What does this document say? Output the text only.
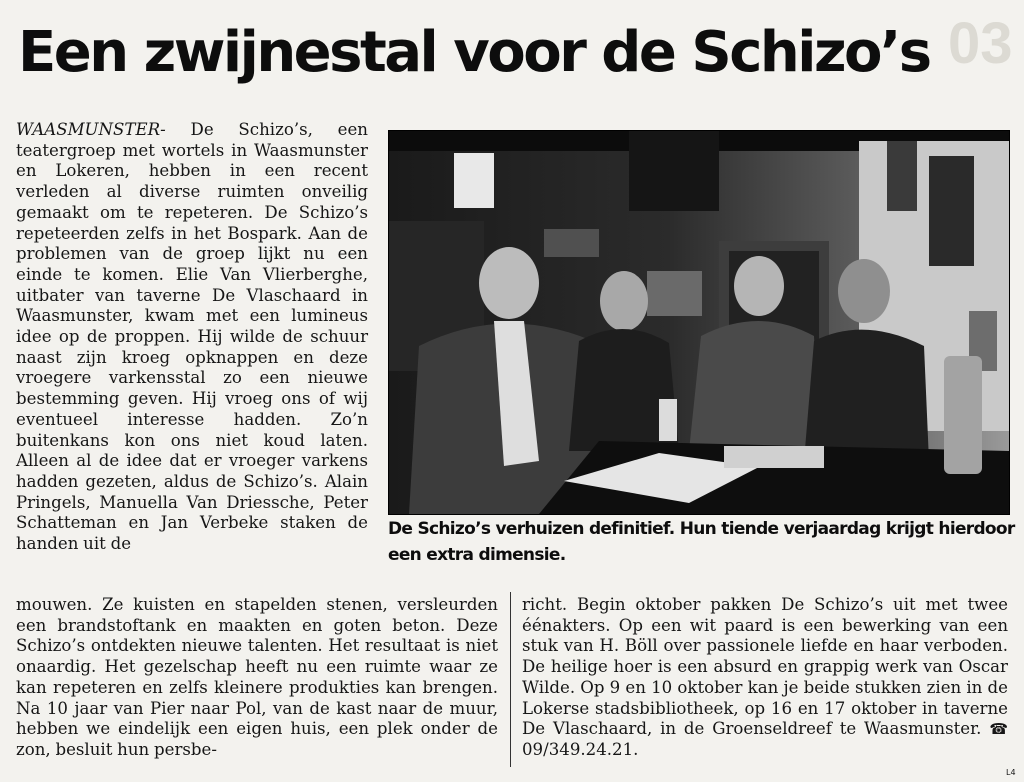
03
Een zwijnestal voor de Schizo’s

WAASMUNSTER- De Schizo’s, een teatergroep met wortels in Waasmunster en Lokeren, hebben in een recent verleden al diverse ruimten onveilig gemaakt om te repeteren. De Schizo’s repeteerden zelfs in het Bospark. Aan de problemen van de groep lijkt nu een einde te komen. Elie Van Vlierberghe, uitbater van taverne De Vlaschaard in Waasmunster, kwam met een lumineus idee op de proppen. Hij wilde de schuur naast zijn kroeg opknappen en deze vroegere varkensstal zo een nieuwe bestemming geven. Hij vroeg ons of wij eventueel interesse hadden. Zo’n buitenkans kon ons niet koud laten. Alleen al de idee dat er vroeger varkens hadden gezeten, aldus de Schizo’s. Alain Pringels, Manuella Van Driessche, Peter Schatteman en Jan Verbeke staken de handen uit de

De Schizo’s verhuizen definitief. Hun tiende verjaardag krijgt hierdoor een extra dimensie.

mouwen. Ze kuisten en stapelden stenen, versleurden een brandstoftank en maakten en goten beton. Deze Schizo’s ontdekten nieuwe talenten. Het resultaat is niet onaardig. Het gezelschap heeft nu een ruimte waar ze kan repeteren en zelfs kleinere produkties kan brengen. Na 10 jaar van Pier naar Pol, van de kast naar de muur, hebben we eindelijk een eigen huis, een plek onder de zon, besluit hun persbe-

richt. Begin oktober pakken De Schizo’s uit met twee éénakters. Op een wit paard is een bewerking van een stuk van H. Böll over passionele liefde en haar verboden. De heilige hoer is een absurd en grappig werk van Oscar Wilde. Op 9 en 10 oktober kan je beide stukken zien in de Lokerse stadsbibliotheek, op 16 en 17 oktober in taverne De Vlaschaard, in de Groenseldreef te Waasmunster. ☎ 09/349.24.21.

L4
